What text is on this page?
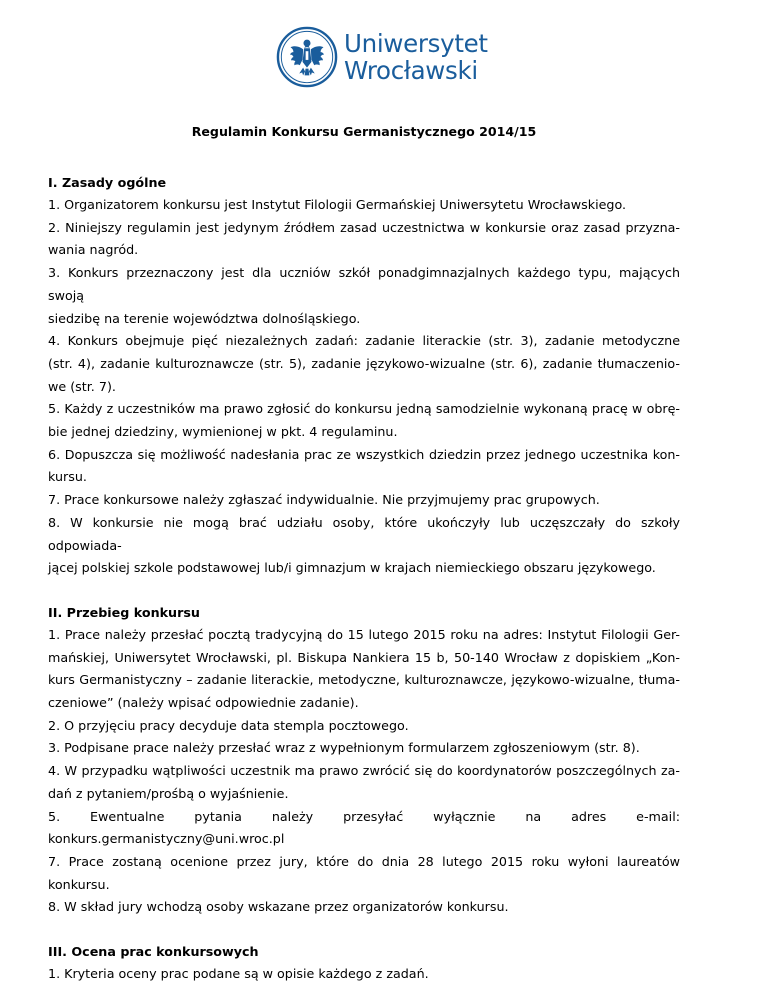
Uniwersytet
Wrocławski
Regulamin Konkursu Germanistycznego 2014/15
I. Zasady ogólne
1. Organizatorem konkursu jest Instytut Filologii Germańskiej Uniwersytetu Wrocławskiego.
2. Niniejszy regulamin jest jedynym źródłem zasad uczestnictwa w konkursie oraz zasad przyzna-
wania nagród.
3. Konkurs przeznaczony jest dla uczniów szkół ponadgimnazjalnych każdego typu, mających swoją
siedzibę na terenie województwa dolnośląskiego.
4. Konkurs obejmuje pięć niezależnych zadań: zadanie literackie (str. 3), zadanie metodyczne
(str. 4), zadanie kulturoznawcze (str. 5), zadanie językowo-wizualne (str. 6), zadanie tłumaczenio-
we (str. 7).
5. Każdy z uczestników ma prawo zgłosić do konkursu jedną samodzielnie wykonaną pracę w obrę-
bie jednej dziedziny, wymienionej w pkt. 4 regulaminu.
6. Dopuszcza się możliwość nadesłania prac ze wszystkich dziedzin przez jednego uczestnika kon-
kursu.
7. Prace konkursowe należy zgłaszać indywidualnie. Nie przyjmujemy prac grupowych.
8. W konkursie nie mogą brać udziału osoby, które ukończyły lub uczęszczały do szkoły odpowiada-
jącej polskiej szkole podstawowej lub/i gimnazjum w krajach niemieckiego obszaru językowego.
II. Przebieg konkursu
1. Prace należy przesłać pocztą tradycyjną do 15 lutego 2015 roku na adres: Instytut Filologii Ger-
mańskiej, Uniwersytet Wrocławski, pl. Biskupa Nankiera 15 b, 50-140 Wrocław z dopiskiem „Kon-
kurs Germanistyczny – zadanie literackie, metodyczne, kulturoznawcze, językowo-wizualne, tłuma-
czeniowe” (należy wpisać odpowiednie zadanie).
2. O przyjęciu pracy decyduje data stempla pocztowego.
3. Podpisane prace należy przesłać wraz z wypełnionym formularzem zgłoszeniowym (str. 8).
4. W przypadku wątpliwości uczestnik ma prawo zwrócić się do koordynatorów poszczególnych za-
dań z pytaniem/prośbą o wyjaśnienie.
5. Ewentualne pytania należy przesyłać wyłącznie na adres e-mail:
konkurs.germanistyczny@uni.wroc.pl
7. Prace zostaną ocenione przez jury, które do dnia 28 lutego 2015 roku wyłoni laureatów konkursu.
8. W skład jury wchodzą osoby wskazane przez organizatorów konkursu.
III. Ocena prac konkursowych
1. Kryteria oceny prac podane są w opisie każdego z zadań.
